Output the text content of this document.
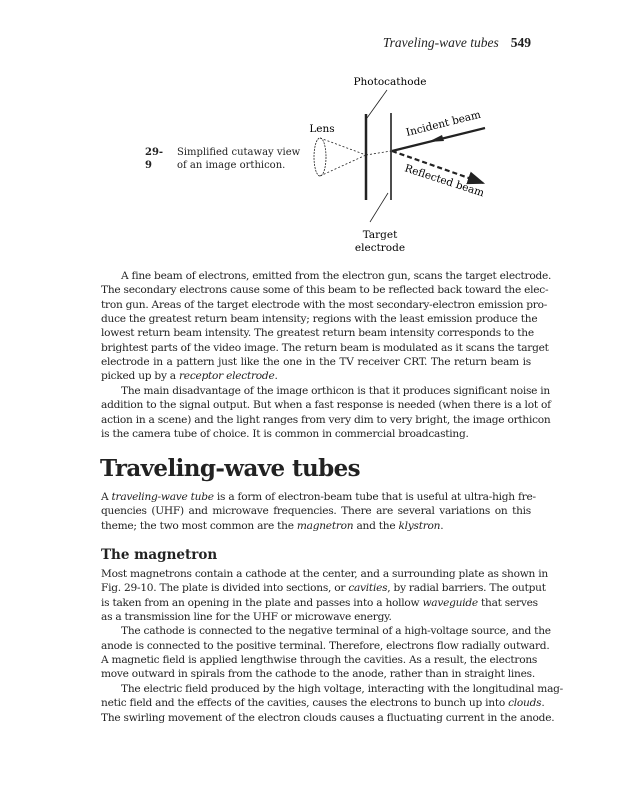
Traveling-wave tubes 549
29-9
Simplified cutaway view
of an image orthicon.
Photocathode
Lens	Incident beam
Reflected beam
Target
electrode
A fine beam of electrons, emitted from the electron gun, scans the target electrode.
The secondary electrons cause some of this beam to be reflected back toward the elec-
tron gun. Areas of the target electrode with the most secondary-electron emission pro-
duce the greatest return beam intensity; regions with the least emission produce the
lowest return beam intensity. The greatest return beam intensity corresponds to the
brightest parts of the video image. The return beam is modulated as it scans the target
electrode in a pattern just like the one in the TV receiver CRT. The return beam is
picked up by a receptor electrode.
The main disadvantage of the image orthicon is that it produces significant noise in
addition to the signal output. But when a fast response is needed (when there is a lot of
action in a scene) and the light ranges from very dim to very bright, the image orthicon
is the camera tube of choice. It is common in commercial broadcasting.
Traveling-wave tubes
A traveling-wave tube is a form of electron-beam tube that is useful at ultra-high fre-
quencies (UHF) and microwave frequencies. There are several variations on this
theme; the two most common are the magnetron and the klystron.
The magnetron
Most magnetrons contain a cathode at the center, and a surrounding plate as shown in
Fig. 29-10. The plate is divided into sections, or cavities, by radial barriers. The output
is taken from an opening in the plate and passes into a hollow waveguide that serves
as a transmission line for the UHF or microwave energy.
The cathode is connected to the negative terminal of a high-voltage source, and the
anode is connected to the positive terminal. Therefore, electrons flow radially outward.
A magnetic field is applied lengthwise through the cavities. As a result, the electrons
move outward in spirals from the cathode to the anode, rather than in straight lines.
The electric field produced by the high voltage, interacting with the longitudinal mag-
netic field and the effects of the cavities, causes the electrons to bunch up into clouds.
The swirling movement of the electron clouds causes a fluctuating current in the anode.
